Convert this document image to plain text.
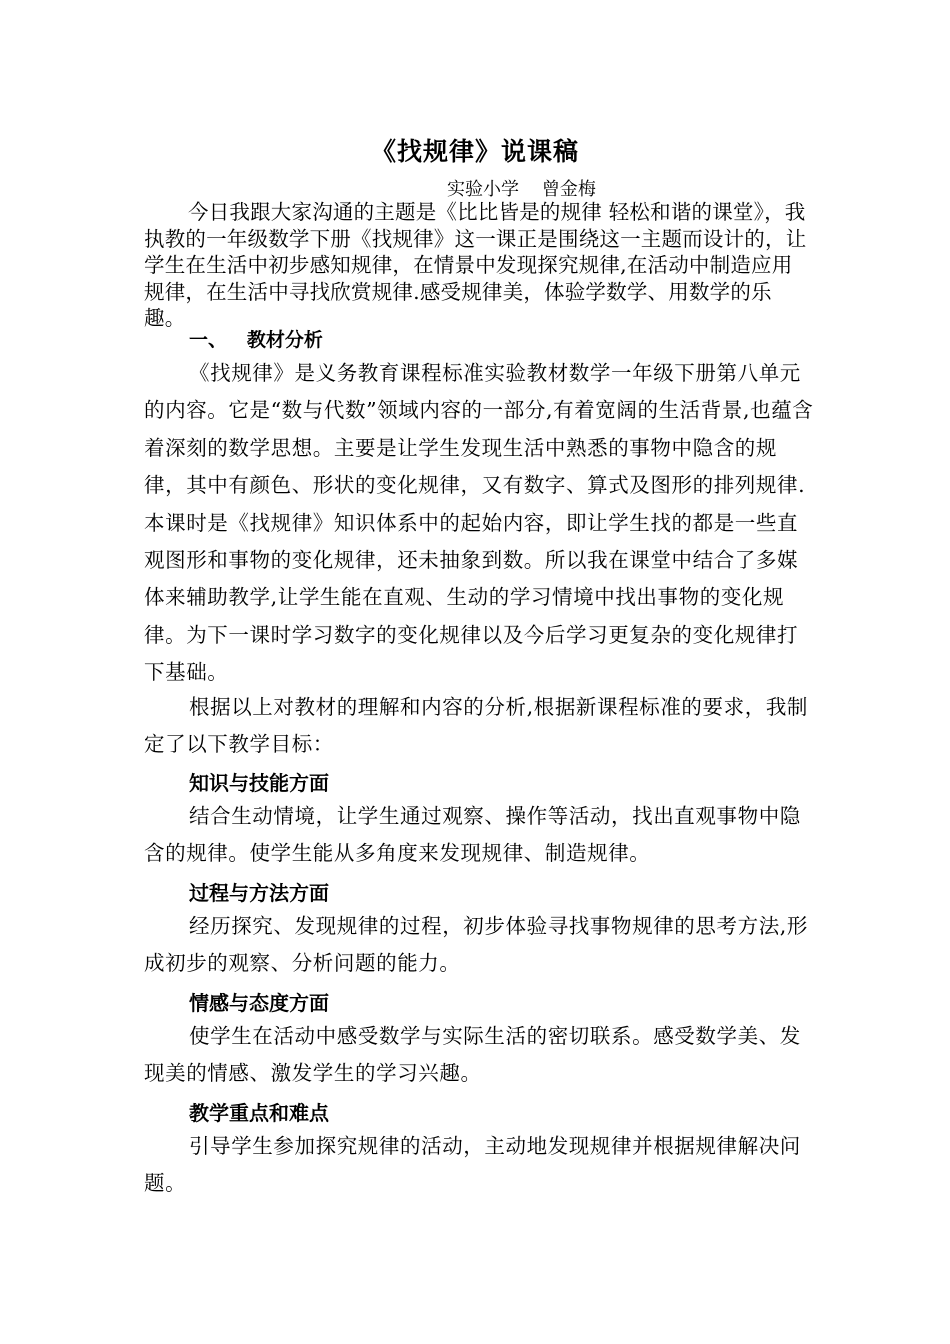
《找规律》说课稿
实验小学    曾金梅

今日我跟大家沟通的主题是《比比皆是的规律 轻松和谐的课堂》，我执教的一年级数学下册《找规律》这一课正是围绕这一主题而设计的，让学生在生活中初步感知规律，在情景中发现探究规律,在活动中制造应用规律，在生活中寻找欣赏规律.感受规律美，体验学数学、用数学的乐趣。

一、   教材分析

《找规律》是义务教育课程标准实验教材数学一年级下册第八单元的内容。它是“数与代数”领域内容的一部分,有着宽阔的生活背景,也蕴含着深刻的数学思想。主要是让学生发现生活中熟悉的事物中隐含的规律，其中有颜色、形状的变化规律，又有数字、算式及图形的排列规律.本课时是《找规律》知识体系中的起始内容，即让学生找的都是一些直观图形和事物的变化规律，还未抽象到数。所以我在课堂中结合了多媒体来辅助教学,让学生能在直观、生动的学习情境中找出事物的变化规律。为下一课时学习数字的变化规律以及今后学习更复杂的变化规律打下基础。

根据以上对教材的理解和内容的分析,根据新课程标准的要求，我制定了以下教学目标：

知识与技能方面

结合生动情境，让学生通过观察、操作等活动，找出直观事物中隐含的规律。使学生能从多角度来发现规律、制造规律。

过程与方法方面

经历探究、发现规律的过程，初步体验寻找事物规律的思考方法,形成初步的观察、分析问题的能力。

情感与态度方面

使学生在活动中感受数学与实际生活的密切联系。感受数学美、发现美的情感、激发学生的学习兴趣。

教学重点和难点

引导学生参加探究规律的活动，主动地发现规律并根据规律解决问题。
